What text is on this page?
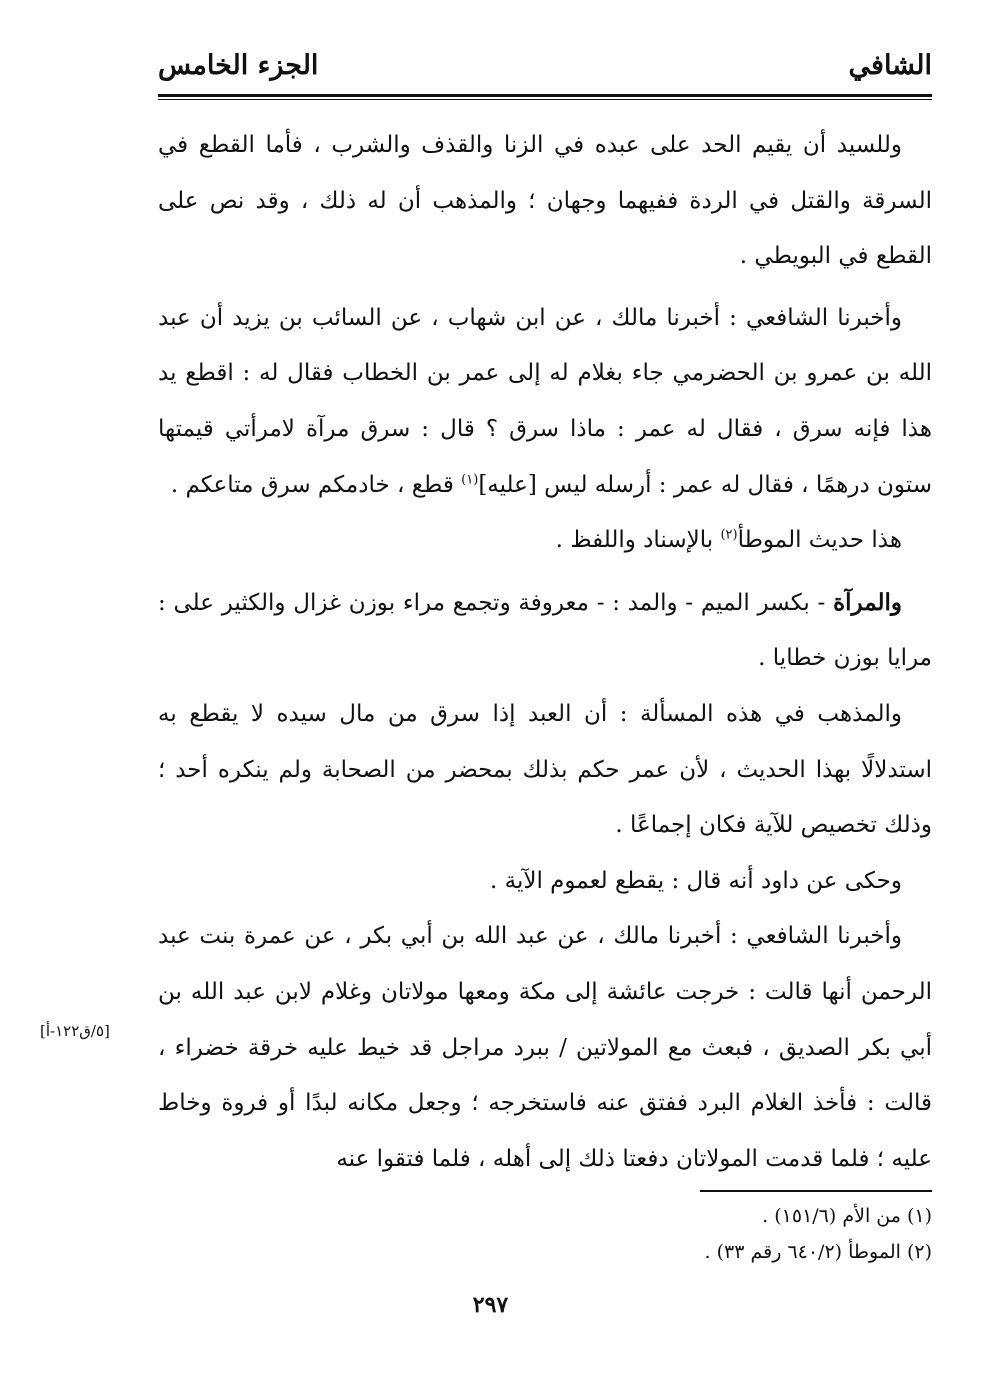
الشافي
الجزء الخامس

وللسيد أن يقيم الحد على عبده في الزنا والقذف والشرب ، فأما القطع في السرقة والقتل في الردة ففيهما وجهان ؛ والمذهب أن له ذلك ، وقد نص على القطع في البويطي .

وأخبرنا الشافعي : أخبرنا مالك ، عن ابن شهاب ، عن السائب بن يزيد أن عبد الله بن عمرو بن الحضرمي جاء بغلام له إلى عمر بن الخطاب فقال له : اقطع يد هذا فإنه سرق ، فقال له عمر : ماذا سرق ؟ قال : سرق مرآة لامرأتي قيمتها ستون درهمًا ، فقال له عمر : أرسله ليس [عليه]$^{(١)}$ قطع ، خادمكم سرق متاعكم .

هذا حديث الموطأ$^{(٢)}$ بالإسناد واللفظ .

والمرآة - بكسر الميم - والمد : - معروفة وتجمع مراء بوزن غزال والكثير على : مرايا بوزن خطايا .

والمذهب في هذه المسألة : أن العبد إذا سرق من مال سيده لا يقطع به استدلالًا بهذا الحديث ، لأن عمر حكم بذلك بمحضر من الصحابة ولم ينكره أحد ؛ وذلك تخصيص للآية فكان إجماعًا .

وحكى عن داود أنه قال : يقطع لعموم الآية .

وأخبرنا الشافعي : أخبرنا مالك ، عن عبد الله بن أبي بكر ، عن عمرة بنت عبد الرحمن أنها قالت : خرجت عائشة إلى مكة ومعها مولاتان وغلام لابن عبد الله بن أبي بكر الصديق ، فبعث مع المولاتين / ببرد مراجل قد خيط عليه خرقة خضراء ، قالت : فأخذ الغلام البرد ففتق عنه فاستخرجه ؛ وجعل مكانه لبدًا أو فروة وخاط عليه ؛ فلما قدمت المولاتان دفعتا ذلك إلى أهله ، فلما فتقوا عنه

[٥/ق١٢٢-أ]
(١) من الأم (١٥١/٦) .
(٢) الموطأ (٦٤٠/٢ رقم ٣٣) .
٢٩٧
